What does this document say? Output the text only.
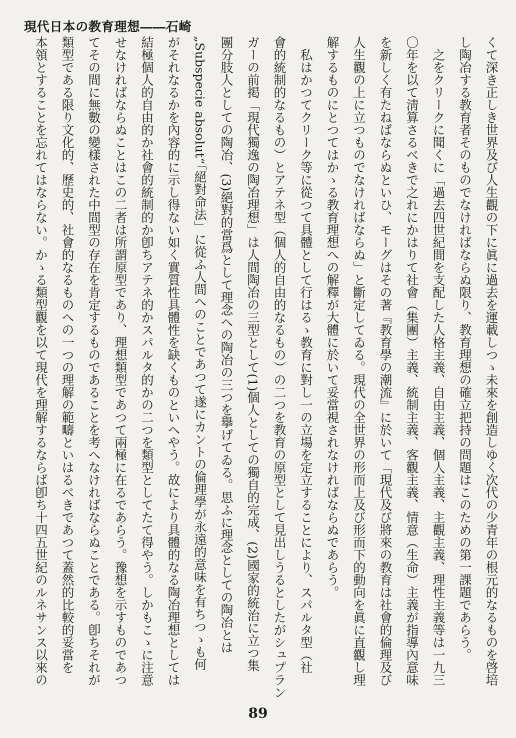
現代日本の教育理想――石崎
くて深き正しき世界及び人生觀の下に眞に過去を運載しつゝ未來を創造しゆく次代の少青年の根元的なるものを啓培
し陶冶する教育者そのものでなければならぬ限り、教育理想の確立把持の問題はこのための第一課題であらう。
　之をクリークに聞くに「過去四世紀間を支配した人格主義、自由主義、個人主義、主觀主義、理性主義等は一九三
〇年を以て淸算さるべきで之れにかはりて社會（集團）主義、統制主義、客觀主義、情意（生命）主義が指導內意味
を新しく有たねばならぬといひ、モーグはその著『教育學の潮流』に於いて「現代及び將來の教育は社會的倫理及び
人生觀の上に立つものでなければならぬ」と斷定してゐる。現代の全世界の形而上及び形而下的動向を眞に直觀し理
解するものにとつてはかゝる教育理想への解釋が大體に於いて妥當視されなければならぬであらう。
　私はかつてクリーク等に從つて具體として行はるゝ教育に對し一の立場を定立することにより、スパルタ型（社
會的統制的なるもの）とアテネ型（個人的自由的なるもの）の二つを教育の原型として見出しうるとしたがシュプラン
ガーの前掲「現代獨逸の陶冶理想」は人間陶冶の三型として(1)個人としての獨自的完成、(2)國家的統治に立つ集
團分肢人としての陶冶、(3)絕對的當爲として理念への陶冶の三つを擧げてゐる。思ふに理念としての陶冶とは
„Subspecie absolut“「絕對命法」に從ふ人間へのことであつて遂にカントの倫理學が永遠的意味を有ちつゝも何
がそれなるかを內容的に示し得ない如く實質性具體性を缺くものといへやう。故により具體的なる陶冶理想としては
結極個人的自由的か社會的統制的か卽ちアテネ的かスパルタ的かの二つを類型としてたて得やう。しかもこゝに注意
せなければならぬことはこの二者は所謂原型であり、理想類型であつて兩極に在るであらう。豫想を示すものであつ
てその間に無數の變樣された中間型の存在を肯定するものであることを考へなければならぬことである。卽ちそれが
類型である限り文化的、歷史的、社會的なるものへの一つの理解の範疇といはるべきであつて蓋然的比較的妥當を
本領とすることを忘れてはならない。かゝる類型觀を以て現代を理解するならば卽ち十四五世紀のルネサンス以來の
89
